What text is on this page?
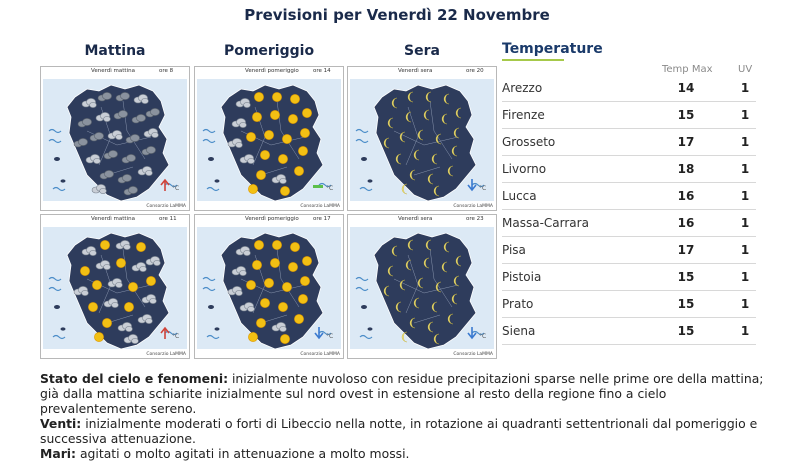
Previsioni per Venerdì 22 Novembre
Mattina	Pomeriggio	Sera
Venerdì mattina	ore 8
°C
Consorzio LaMMA
Venerdì pomeriggio	ore 14
°C
Consorzio LaMMA
Venerdì sera	ore 20
°C
Consorzio LaMMA
Venerdì mattina	ore 11
°C
Consorzio LaMMA
Venerdì pomeriggio	ore 17
°C
Consorzio LaMMA
Venerdì sera	ore 23
°C
Consorzio LaMMA
Temperature
Temp Max	UV
Arezzo	14	1
Firenze	15	1
Grosseto	17	1
Livorno	18	1
Lucca	16	1
Massa-Carrara	16	1
Pisa	17	1
Pistoia	15	1
Prato	15	1
Siena	15	1

Stato del cielo e fenomeni: inizialmente nuvoloso con residue precipitazioni sparse nelle prime ore della mattina; già dalla mattina schiarite inizialmente sul nord ovest in estensione al resto della regione fino a cielo prevalentemente sereno.

Venti: inizialmente moderati o forti di Libeccio nella notte, in rotazione ai quadranti settentrionali dal pomeriggio e successiva attenuazione.

Mari: agitati o molto agitati in attenuazione a molto mossi.
